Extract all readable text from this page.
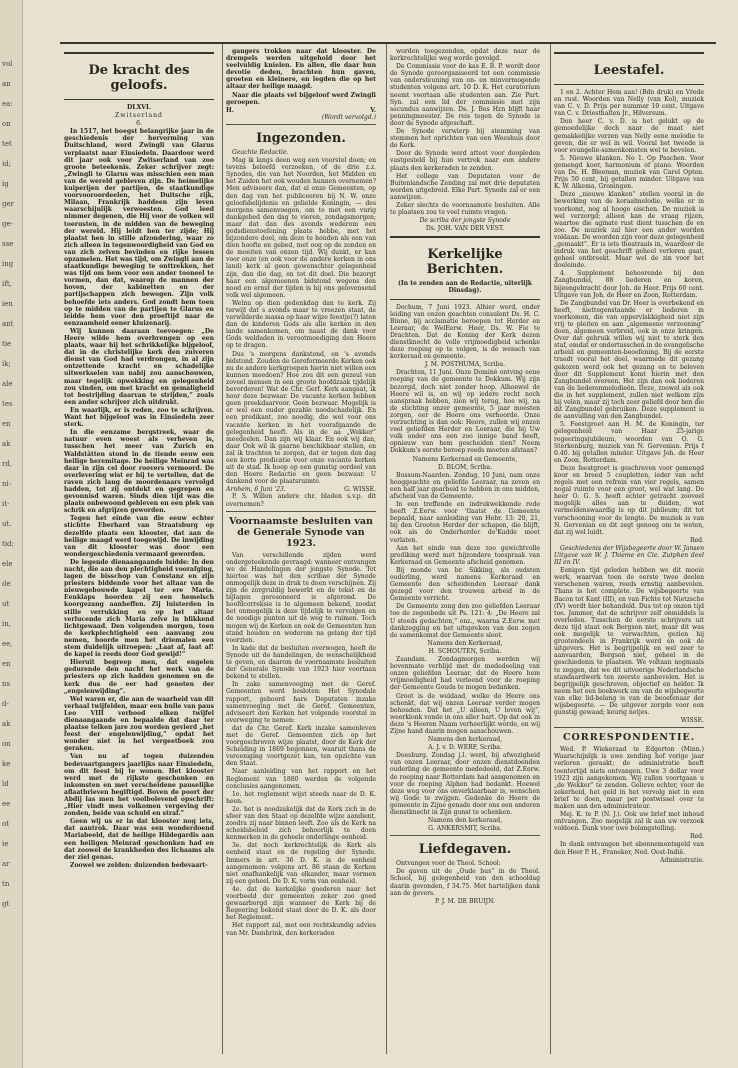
vol
an
ea:
on
tet
id;
ig
ger
ge-
sse
ing
ift,
ien
ant
tie
ik;
ale
tes
en
ak
rd,
ni-
it-
ut.
tid;
ele
de
ut
in,
ee,
en
ns
d-
ak
on
ke
ld
ee
ot
ie
ar
tn
gt
De kracht des geloofs.

DLXVI.

Zwitserland

6.

In 1517, het boegst belangrijke jaar in de geschiedenis der hervorming van Duitschland, werd Zwingli van Glarus verplaatst naar Einsiedeln. Daardoor werd dit jaar ook voor Zwitserland van zoo groote beteekenis. Zeker schrijver zegt: „Zwingli te Glarus was misschien een man van de wereld gebleven zijn. De heimelijke kuiperijen der partijen, de staatkundige voorvooroordeelen, het Duitsche rijk, Milaan, Frankrijk haddeen zijn leven waarschijnlijk verwoesten. God leed nimmer degenen, die Hij voor de volken wil toerusten, in de midden van de beweging der wereld. Hij leidt hen ter zijde; Hij plaatst hen in stille afzondering, waar zo zich alleen in tegenwoordigheid van God en van zich zelven bevinden en rijke lessen opzamelen. Het was tijd, om Zwingli aan de staatkundige beweging te onttrekken, het was tijd om hem voor een ander tooneel te vormen, dan dat, waarop de mannen der hoven, der kabinetten en der partijschappen zich bewogen. Zijn volk behoefde iets anders. God zondt hem toen op te midden van de partijen te Glarus en leidde hem voor den proeftijd naar de eenzaamheid eener kluizenarij.

Wij kunnen daaraan toevoegen: „De Heere wilde hem overbrengen op een plaats, waar hij het schrikkelijke bijgeloof, dat in de christelijke kerk den zuiveren dienst van God had verdrongen, in al zijn ontzettende kracht en schadelijke uitwerkselen van nabij zou aanschouwen, maar tegelijk opwekking en gelegenheid zou vinden, om met kracht en gemaligheid tot bestrijding daarvan te strijden,” zoals een ander schrijver zich uitdrukt.

En waarlijk, er is reden, zoo te schrijven. Want het bijgeloof was in Einsiedeln zeer sterk.

In die eenzame bergstreek, waar de natuur even woest als verheven is, tusschen het meer van Zurich en Waldstätten stond in de tiende eeuw een heilige heremitage. De heilige Meinrad was daar in zijn cel door roovers vermoord. De overlevering wist er bij te vertellen, dat de raven zich lang de moordenaars vervolgd hadden, tot zij ontdekt en gegrepen en gevonnisd waren. Sinds dien tijd was die plaats onbewoond gebleven en een plek van schrik en afgrijzen geworden.

Tegen het einde van die eeuw echter stichtte Eberhard van Straatsburg op dezelfde plaats een klooster, dat aan de heilige maagd werd toegewijd. De inwijding van dit klooster was door een wondergeschiedenis vermaard geworden.

De legende dienaangaande luidde: In den nacht, die aan den plechtigheid voorafging, lagen de bisschop van Constanz en zijn priesters biddende voor het altaar van de nieuwgebouwde kapel ter ere Maria. Eenklaps hoorden zij een hemelsch koorgezang aanheffen. Zij luisterden in stille verrukking en op het altaar verlucende zich Maria zelve in blikkend lichtgewaad. Den volgenden morgen, toen de kerkplechtigheid een aanvang zou nemen, hoorde men het driemalen een stem duidelijk uitroepen: „Laat af, laat af! de kapel is reeds door God gewijd!”

Hieruit begreep men, dat engelen gedurende den nacht het werk van de priesters op zich hadden genomen en de kerk dus de eer had genoten der „engelenwijding”.

Wel waren er, die aan de waarheid van dit verhaal twijfelden, maar een bulle van paus Leo VIII verbood elken twijfel dienaangaande en bepaalde dat daar ter plaatse telken jare zou worden gevierd „het feest der engelenwijding,” opdat het wonder niet in het vergeetboek zou geraken.

Van nu af togen duizenden bedevaartgangers jaarlijks naar Einsiedeln, om dit feest bij te wonen. Het klooster werd met de rijkste geschenken en inkomsten en met verscheidene pauselijke aflaatbrieven begiftigd. Boven de poort der Abdij las men het voolbolevend opschrift: „Hier vindt men volkomen vergeving der zonden, beide van schuld en straf.”

Geen wij us er in dat klooster nog iets, dat aantrok. Daar was een wonderdoend Mariabeeld, dat de heilige Hildegardis aan een heiligen Meinrad geschonken had en dat zoowel de krankheden des lichaams als der ziel genas.

Zoowel we zelden: duizenden bedevaart-

gangers trokken naar dat klooster. De drempels werden uitgehold door het veelvuldig knielen. En allen, die daar hun devotie deden, brachten hun gaven, groeten en kleinere, en legden die op het altaar der heilige maagd.

Naar die plaats vel bijgeloof werd Zwingli geroepen.

H.	V.

(Wordt vervolgd.)

Ingezonden.

Geachte Redactie.

Mag ik langs deen weg een voorstel doen; en tevens beleefd verzoeken, of de drie z.z. Synodes, die van het Noorden, het Midden en het Zuiden het ook wouden hunnen overnemen? Men adviseere dan, dat al onze Gemeenten, op den dag van het publiceeren bij N. W. onze geloofsbelijdenis en gelielde Koningin, — des morgens samenvoegen, om te met een vurig dankgebed den dag te vieren, zondagsmorgen; maar dat dan des avonds wederom een godsdienstoefening plaats hebbe, met het bijzondere doel, om deze te houden als een van dien hoofte en gebed, met oog op de zonden en de moeiten van onzen tijd. Wij dunkt, er kan voor onze (en ook voor de andere kerken in ons land) kerk al geen gewenschter gelegenheid zijn, dan die dag, en tot dit doel. Die bezorgt haar een algemeenen bidstond wegens den nood en ernst der tijden is bij ons gelovensend volk wel algemeen.

Welnu op dien gedenkdag dan te kerk. Zij terwijl dat s avonds maar te vreezen staat, de verwilderde massa op haar wijze feestje(?) laten dan de kinderen Gods als alle kerken in den lande samenkomen, om naast de dank voor Gods weldaden in verootmoediging den Heere op te dragen.

Dus 's morgens dankstond, en 's avonds bidstond. Zouden de Gereformeerde Kerken ook nu de andere kerkgroepen hierin niet willen een kunnen meedoen? Hoe zou dit een gezeul van zoveel mensen in een groote hoofdzaak tijdelijk bevorderen! Wat de Chr. Gerf. Kerk aangaat, ik hoor deze bezwaar. De vacante kerken hebben geen preekdaarvoor. Geen bezwaar. Mogelijk is er wel een ouder gezahle noodschadelijk. En een predikant, zoo noodig, die wel voor ons vacante kerken in het voorafgaande de gelegenheid heeft. Als in de aa „Wekker” meedeelen. Dan zijn wij klaar. En ook wij dan, daar Ook wil ik gaarne beschikbaar stellen, en zal ik trachten te zorgen, dat er tegen den dag een korte predicatie voor onze vacante kerken uit de stad. Ik hoop op een gunstig oordeel van den Heere Redactie en geen bezwaar. U dankend voor de plaatsruimte.

Arnhem, 6 Juni '23.	G. WISSE.

P. S. Willen andere chr. bladen s.v.p. dit overnemen?

Voornaamste besluiten van de Generale Synode van 1923.

Van verschillende zijden werd ondergeteekende gevraagd: wanneer ontvangen we de Handelingen der jongste Synode. Tot hiertoe was het den scribae der Synode onmogelijk deze in druk te doen verschijnen. Zij zijn de zorgvuldig bewerkt en de tekst en de bijlagen geresoneerd is afgerond. De hoofdcorreksie is te algemeen bekend, zoodat het onmogelijk is deze tijdelijk te vervolgen en de noodige punten uit de weg te ruimen. Toch mogen wij de Kerken en ook de Gemeenten hun stand houden en wederom na gelang der tijd voorzien.

In kade dat de besluiten overwogen, heeft de Synode uit de handelingen, de wenschelijkheid te geven, en daarom de voornaamste besluiten der Generale Synode van 1923 hier voortaan bekend te stellen.

In zake samenvoeging met de Geref. Gemeenten werd besloten: Het Synodale rapport, gehoord hare Deputaten inzake samenvoeging met de Geref. Gemeenten, adviseert den Kerken het volgende voorstel in overweging te nemen:

dat de Chr. Geref. Kerk inzake samenleven met de Geref. Gemeenten zich op het voorgeschreven wijze plaatst, door de Kerk der Scheiding in 1869 begonnen, waaruit thans de vereeniging voortgezet kan, ten opzichte van den Staat.

Naar aanleiding van het rapport en het Reglement van 1880 werden de volgende conclusies aangenomen.

1e. het reglement wijst steeds naar de D. K. heen.

2e. het is noodzakelijk dat de Kerk zich in de sfeer van den Staat op dezelfde wijze aandient, zoodra zij naar binnen leeft. Zoo als de Kerk na scheidsbeleid zich behoorlijk te doen kenmerken in de geheele onderlinge eenheid.

3e. dat noch kerkrechtelijk de Kerk als eenheid staat en de regeling der Synode. Immers in art. 36 D. K. is de eenheid aangenomen: volgens art. 86 staan de Kerken niet onafhankelijk van elkander, maar vormen zij een geheel. De D. K. vorm van eenheid.

4e. dat de kerkelijke goederen naar het voorbeeld der gemeenten zeker zoo goed gewaarborgd zijn wanneer de Kerk bij de Regeering bekend staat door de D. K. als door het Reglement.

Het rapport zal, met een rechtskundig advies van Mr. Dambrink, den kerkeraden

worden toegezonden, opdat deze naar de kerkrechtelijke weg worde gevolgd.

De Commissie voor de kas E. B. P. wordt door de Synode gereorganiseerd tot een commissie van ondersteuning van on- en minvermogende studenten volgens art. 10 D. K. Het curatorium neemt voortaan alle studenten aan. Zie Part. Syn. zal een lid der commissie met zijn secundus aanwijzen. Ds. J. Bos Hzn blijft haar penningmeester. De reis tegen de Synode is door de Synode afgeschaft.

De Synode verwierp bij stemming van stemmen het oprichten van een Weeshuis door de Kerk.

Door de Synode werd attest voor doopleden vastgesteld bij hun vertrek naar een andere plaats den kerkeraden te zenden.

Het college van Deputaten voor de Buitenlandsche Zending zal met drie deputaten worden uitgebreid. Elke Part. Synode zal er een aanwijzen.

Zeker slechts de voornaamste besluiten. Alle te plaatsen zou te veel ruimte vragen.

De scriba der jongste Synode

Ds. JOH. VAN DER VEST.

Kerkelijke Berichten.

(In te zenden aan de Redactie, uiterlijk Dinsdag).

Dochum, 7 Juni 1923. Alhier werd, onder leiding van onzen geachten consulent Ds. H. C. Binne, bij acclamatie beroepen tot Herder en Leeraar, de WelEerw. Heer, Ds. W. Fie te Drachten. Dat de Koning der Kerk dezen dienstknecht de volle vrijmoedigheid schenke deze roeping op te volgen, is de wensch van kerkeraad en gemeente.

J. M. POSTHUMA, Scriba.

Drachten, 11 Juni. Onze Dominé ontving eene roeping van de gemeente te Dokkum. Wij zijn bezorgd, doch niet zonder hoop. Alhoewel de Heere wil is, en wij op iedere recht noch aanspraak hebben, zien wij terug, hoe wij, na de stichting onzer gemeente, 5 jaar moesten zorgen, eer de Heere ons verhoorde. Onze verzuchting is dan ook: Heere, zullen wij onzen veel geliefden Herder en Leeraar, die bij Uw volk onder ons een zoo innige band heeft, opnieuw van hem gescheiden zien? Neem Dokkum's eerste beroep reeds moeten afstaan?

Namens Kerkeraad en Gemeente,

D. BLOM, Scriba.

Bussum-Naarden. Zondag, 10 Juni, nam onze hooggeachte en geliefde Leeraar, na zeven en een half jaar gearbeid te hebben in ons midden, afscheid van de Gemeente.

In een treffende en indrukwekkende rede heeft Z.Eerw. voor 'tlaatst de Gemeente bepaald, naar aanleiding van Hebr. 13: 20, 21, bij den Grooten Herder der schapen, die blijft, ook als de Onderherder de'Kudde moet verlaten.

Aan het einde van deze zoo gewichtvolle prediking werd met bijzondere toespraak van Kerkeraad en Gemeente afscheid genomen.

Bij monde van br. Sikking, als oudsten ouderling, werd namens Kerkeraad en Gemeente den scheidenden Leeraar dank gezegd voor den trouwen arbeid in de Gemeente verricht.

De Gemeente zong den zoo geliefden Leeraar toe de zegenbede uit Ps. 121: 4: „De Heere zal U steeds gedachten,” enz., waarna Z.Eerw. met dankzegging en het uitspreken van den zegen de samenkomst der Gemeente sloot.

Namens den Kerkeraad,

H. SCHOUTEN, Scriba.

Zaandam. Zondagmorgen werden wij bovenmate verblijd met de mededeeling van onzen geliefden Leeraar, dat de Heere hem vrijmoedigheid had verleend voor de roeping der Gemeente Gouda te mogen bedanken.

Groot is de weldaad, welke de Heere ons schenkt, dat wij onzen Leeraar verder mogen behouden. Dat het „U alleen, U loven wij”, weerklonk vonde in ons aller hart. Op dat ook in deze 's Heeren Naam verheerlijkt worde, en wij Zijne hand daarin mogen aanschouwen.

Namens den kerkeraad,

A. J. v. D. WERF, Scriba.

Doesburg. Zondag j.l. werd, bij afwezigheid van onzen Leeraar, door onzen dienstdoenden ouderling de gemeente mededeeld, dat Z.Eerw. de roeping naar Rotterdam had aangenomen en voor de roeping Alphen had bedankt. Hoewel deze weg voor ons onverklaarbaar is, wenschen wij Gode te zwijgen. Gedenke de Heere de gemeente in Zijne genade door ons een anderen dienstknecht in Zijn gunst te schenken.

Namens den kerkeraad,

G. ANKERSMIT, Scriba.

Liefdegaven.

Ontvangen voor de Theol. School:

De gaven uit de „Oude bus” in de Theol. School, bij gelegenheid van den schooldag daarin gevonden, f 34.75. Met hartelijken dank aan de gevers.

P. J. M. DE BRUIJN.

Leestafel.

1 en 2. Achter Hem aan! (Bdn druk) en Vrede en rust. Woorden van Nelly (van Kol), muziek van C. v. D. Prijs per nummer 10 cent. Uitgave van C. v. Driesthalten Jr., Hilversum.

Den heer C. v. D. is het gelukt op de gemoedelijke doch naar de maat niet gemakkelijke verzen van Nelly eene melodie te geven, die er wel in wil. Vooral het tweede is voor evangelie-samenkomsten wel te bevelen.

5. Nieuwe klanken. No 1. Op Paschen. Voor gemengd koor, harmonium of piano. Woorden van Ds. H. Bleeman, muziek van Carel Opten. Prijs 50 cent, bij getallen minder. Uitgave van K. W. Alkema, Groningen.

Deze „nieuwe klanken” stellen vooral in de bewerking van de koraalmelodie, welke er in voorkomt, nog al hooge eischen. De muziek is wel verzorgd; alleen kan de vraag rijzen, waartoe die aginate rust dient tusschen de en zoo. De muziek zal hier een ander worden voldaan. De woorden zijn voor deze gelegenheid „gemaakt”. Er is iets theatraals in, waardoor de indruk van het geschrift geheel verloren gaat, geheel ontbreekt. Maar wel de zin voor het doeleinde.

4. Supplement behoorende bij den Zangbundel, 88 liederen en koren, bijeengebracht door Joh. de Heer. Prijs 60 cent. Uitgave van Joh. de Heer en Zoon, Rotterdam.

De Zangbundel van Dr. Heer is overbekend en heeft, niettegenstaande er liederen in voorkomen, die van oppervlakkigheid niet zijn vrij te pleiten en aan „algemeene verzoening” doen, algemeen verbreid, ook in onze kringen. Over dat gebruik willen wij niet te sterk den staf, omdat er ondertusschen in de evangelische arbeid en gemeenten-beoefening. Bij de eerste traedt vooral het doel, waarmede dit gezang gekozen werd ook het gezang en te beleven door dit Supplement komt hierin met den Zangbundel overeen. Het zijn dan ook liederen van de liederenmelodieën. Deze, zoowel als ook die in het supplement, zullen niet welkom zijn bij velen, maar zij toch zeer geliefd door hen die dit Zangbundel gebruiken. Deze supplement is de aanvulling van den Zangbundel.

5. Feestgroet aan H. M. de Koningin, ter gelegenheid van Haar 25-jarige regeeringsjubileum, woorden van O. G. Sterkenburg, muziek van N. Gervenian. Prijs f 0.40. bij getallen minder. Uitgave Joh. de Heer en Zoon, Rotterdam.

Deze feestgroet is geschreven voor gemengd koor en breed 5 coupletten, ieder van acht regels met een refrein van vier regels, samen nogal ruimte voor een groot, wel wat lang. De heer O. G. S. heeft echter getracht zooveel mogelijk alles aan te duiden, wat vermeldenswaardig is op dit jubileum; dit tot verschooning voor de lengte. De muziek is van N. Gervenian en dit zegt genoeg om te weten, dat zij wel luidt.

Red.

Geschiedenis der Wijsbegeerte door W. Jansen Uitgave van W. J. Thieme en Cie. Zutphen deel III en IV.

Eenigen tijd geleden hebben we dit mooie werk, waarvan toen de eerste twee deelen verschenen waren, reeds ernstig aanbevolen. Thans is het complete. De wijsbegeerte van Bacon tot Kant (III), en van Fichte tot Nietzsche (IV) wordt hier behandeld. Dus tot op onzen tijd toe. Jammer, dat de schrijver zelf onmiddels is overleden. Tusschen de eerste schrijvers uit deze tijd staat ook Bergson niet, maar dit was ook mogelijk te verwachten, gezien hij grootendeels in Frankrijk werd en ook de uitgevers. Het is begrijpelijk en wel zeer te aanvaarden, Bergson niet, geheel in de geschiedenis te plaatsen. We voltaan nogmaals te zeggen, dat we dit uitvoerige Nederlandsche standaardwerk ten zeerste aanbevelen. Het is begrijpelijk geschreven, objectief en helder. Ik neem het een boekwerk om van de wijsbegeerte van elke lid-belang is van de beoefenaar der wijsbegeerte. — De uitgever zorgde voor een gunstig gewaad; keurig netjes.

WISSE.

CORRESPONDENTIE.

Wed. P. Wiekeraad te Edgerton (Minn.) Waarschijnlijk is uwe zending hof vorige jaar verloren geraakt; de administratie heeft toentertijd niets ontvangen. Uwe 3 dollar voor 1923 zijn aangekomen. Wij zullen voortgaan u „de Wekker” te zenden. Gelieve echter, voor de zekerheid, het geld in het vervolg niet in een brief te doen, maar per postwissel over te maken aan den administrateur.

Mej. K. te P. (N. J.). Ook uw brief met inhoud ontvangen. Zoo mogelijk zal ik aan uw verzoek voldoen. Dank voor uwe belangstelling.

Red.

In dank ontvangen het abonnementsgeld van den Heer P. H., Franeker, Ned. Oost-Indië.

Administratie.
